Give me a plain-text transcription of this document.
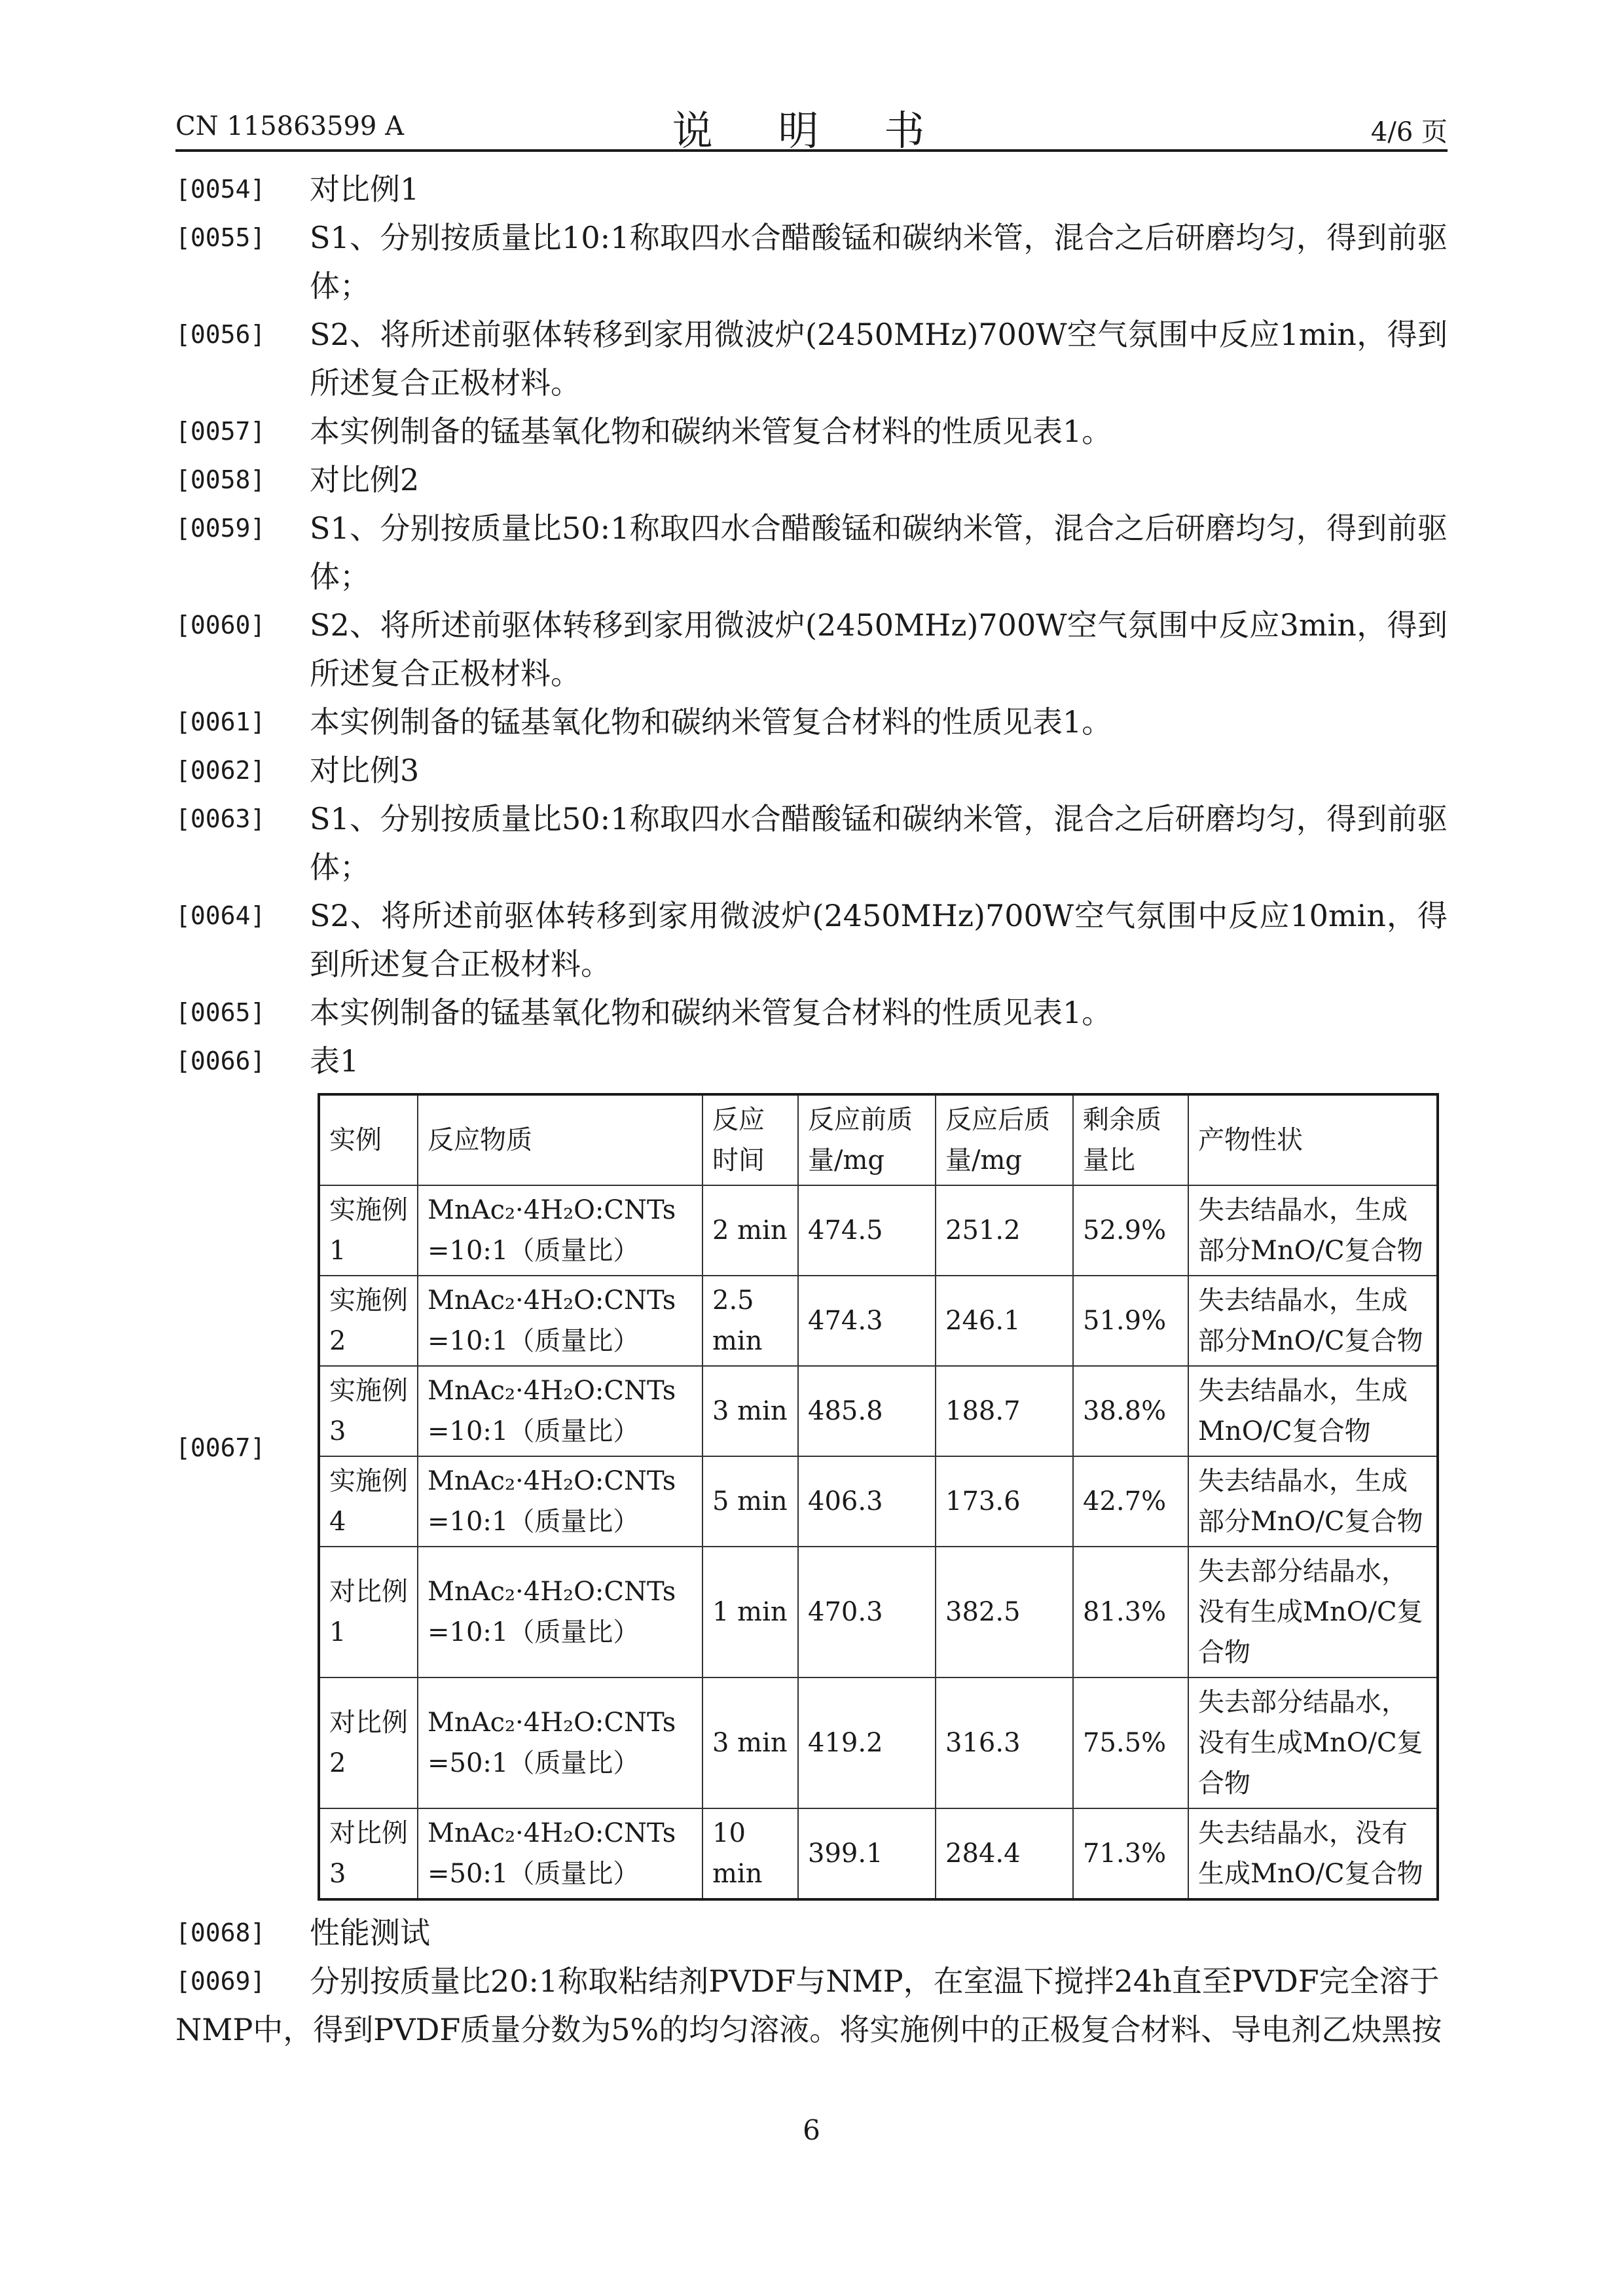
CN 115863599 A	说 明 书	4/6 页
[0054]	对比例1
[0055]	S1、分别按质量比10:1称取四水合醋酸锰和碳纳米管，混合之后研磨均匀，得到前驱体；
[0056]	S2、将所述前驱体转移到家用微波炉(2450MHz)700W空气氛围中反应1min，得到所述复合正极材料。
[0057]	本实例制备的锰基氧化物和碳纳米管复合材料的性质见表1。
[0058]	对比例2
[0059]	S1、分别按质量比50:1称取四水合醋酸锰和碳纳米管，混合之后研磨均匀，得到前驱体；
[0060]	S2、将所述前驱体转移到家用微波炉(2450MHz)700W空气氛围中反应3min，得到所述复合正极材料。
[0061]	本实例制备的锰基氧化物和碳纳米管复合材料的性质见表1。
[0062]	对比例3
[0063]	S1、分别按质量比50:1称取四水合醋酸锰和碳纳米管，混合之后研磨均匀，得到前驱体；
[0064]	S2、将所述前驱体转移到家用微波炉(2450MHz)700W空气氛围中反应10min，得到所述复合正极材料。
[0065]	本实例制备的锰基氧化物和碳纳米管复合材料的性质见表1。
[0066]	表1
[0067]
实例	反应物质	反应时间	反应前质量/mg	反应后质量/mg	剩余质量比	产物性状
实施例1	MnAc₂·4H₂O:CNTs =10:1（质量比）	2 min	474.5	251.2	52.9%	失去结晶水，生成部分MnO/C复合物
实施例2	MnAc₂·4H₂O:CNTs =10:1（质量比）	2.5 min	474.3	246.1	51.9%	失去结晶水，生成部分MnO/C复合物
实施例3	MnAc₂·4H₂O:CNTs =10:1（质量比）	3 min	485.8	188.7	38.8%	失去结晶水，生成MnO/C复合物
实施例4	MnAc₂·4H₂O:CNTs =10:1（质量比）	5 min	406.3	173.6	42.7%	失去结晶水，生成部分MnO/C复合物
对比例1	MnAc₂·4H₂O:CNTs =10:1（质量比）	1 min	470.3	382.5	81.3%	失去部分结晶水，没有生成MnO/C复合物
对比例2	MnAc₂·4H₂O:CNTs =50:1（质量比）	3 min	419.2	316.3	75.5%	失去部分结晶水，没有生成MnO/C复合物
对比例3	MnAc₂·4H₂O:CNTs =50:1（质量比）	10 min	399.1	284.4	71.3%	失去结晶水，没有生成MnO/C复合物
[0068]	性能测试
[0069]	分别按质量比20:1称取粘结剂PVDF与NMP，在室温下搅拌24h直至PVDF完全溶于
NMP中，得到PVDF质量分数为5%的均匀溶液。将实施例中的正极复合材料、导电剂乙炔黑按
6
